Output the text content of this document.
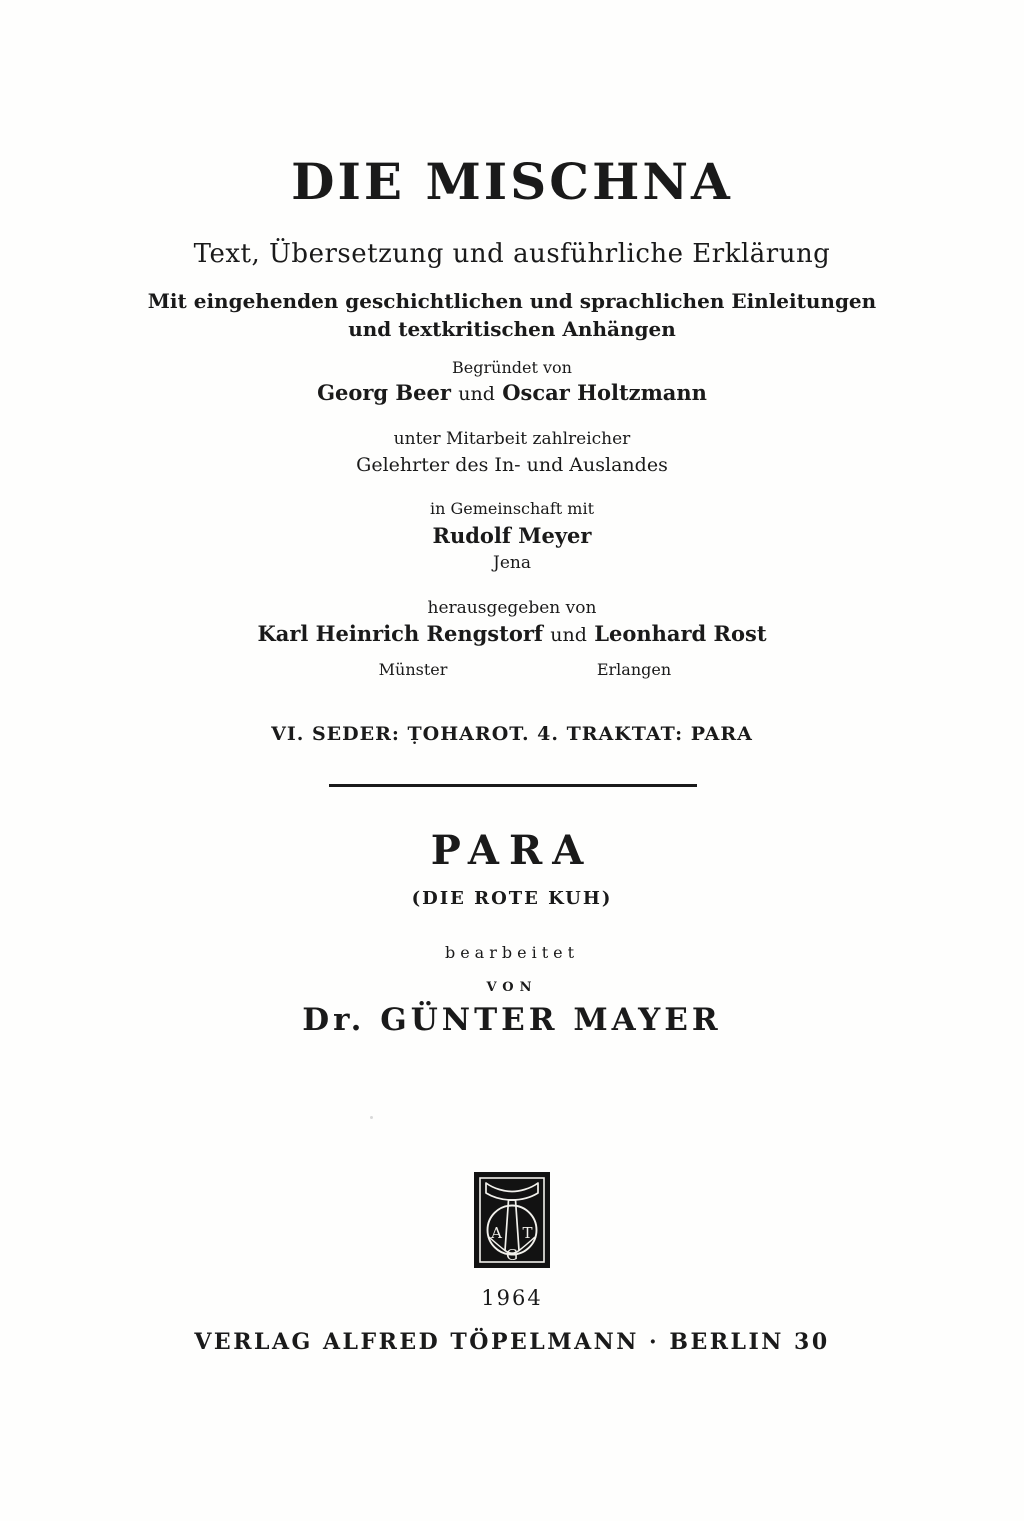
DIE MISCHNA
Text, Übersetzung und ausführliche Erklärung
Mit eingehenden geschichtlichen und sprachlichen Einleitungen
und textkritischen Anhängen
Begründet von
Georg Beer und Oscar Holtzmann
unter Mitarbeit zahlreicher
Gelehrter des In- und Auslandes
in Gemeinschaft mit
Rudolf Meyer
Jena
herausgegeben von
Karl Heinrich Rengstorf und Leonhard Rost
Münster	Erlangen
VI. SEDER: ṬOHAROT. 4. TRAKTAT: PARA
PARA
(DIE ROTE KUH)
bearbeitet
VON
Dr. GÜNTER MAYER
A T
G
1964
VERLAG ALFRED TÖPELMANN · BERLIN 30
